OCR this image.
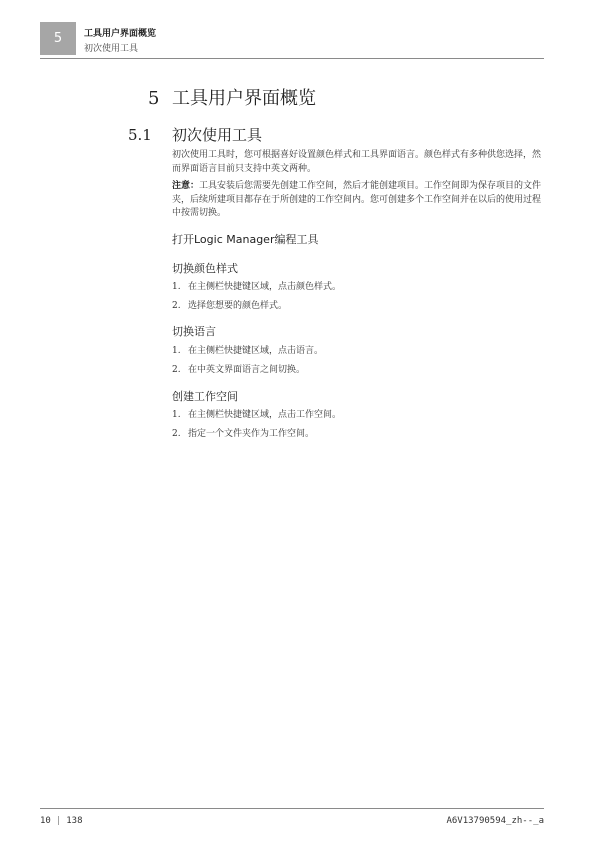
5 工具用户界面概览
初次使用工具
5 工具用户界面概览
5.1 初次使用工具

初次使用工具时，您可根据喜好设置颜色样式和工具界面语言。颜色样式有多种供您选择，然而界面语言目前只支持中英文两种。

注意：工具安装后您需要先创建工作空间，然后才能创建项目。工作空间即为保存项目的文件夹，后续所建项目都存在于所创建的工作空间内。您可创建多个工作空间并在以后的使用过程中按需切换。

打开Logic Manager编程工具
切换颜色样式
1. 在主侧栏快捷键区域，点击颜色样式。
2. 选择您想要的颜色样式。
切换语言
1. 在主侧栏快捷键区域，点击语言。
2. 在中英文界面语言之间切换。
创建工作空间
1. 在主侧栏快捷键区域，点击工作空间。
2. 指定一个文件夹作为工作空间。
10 | 138	A6V13790594_zh--_a
